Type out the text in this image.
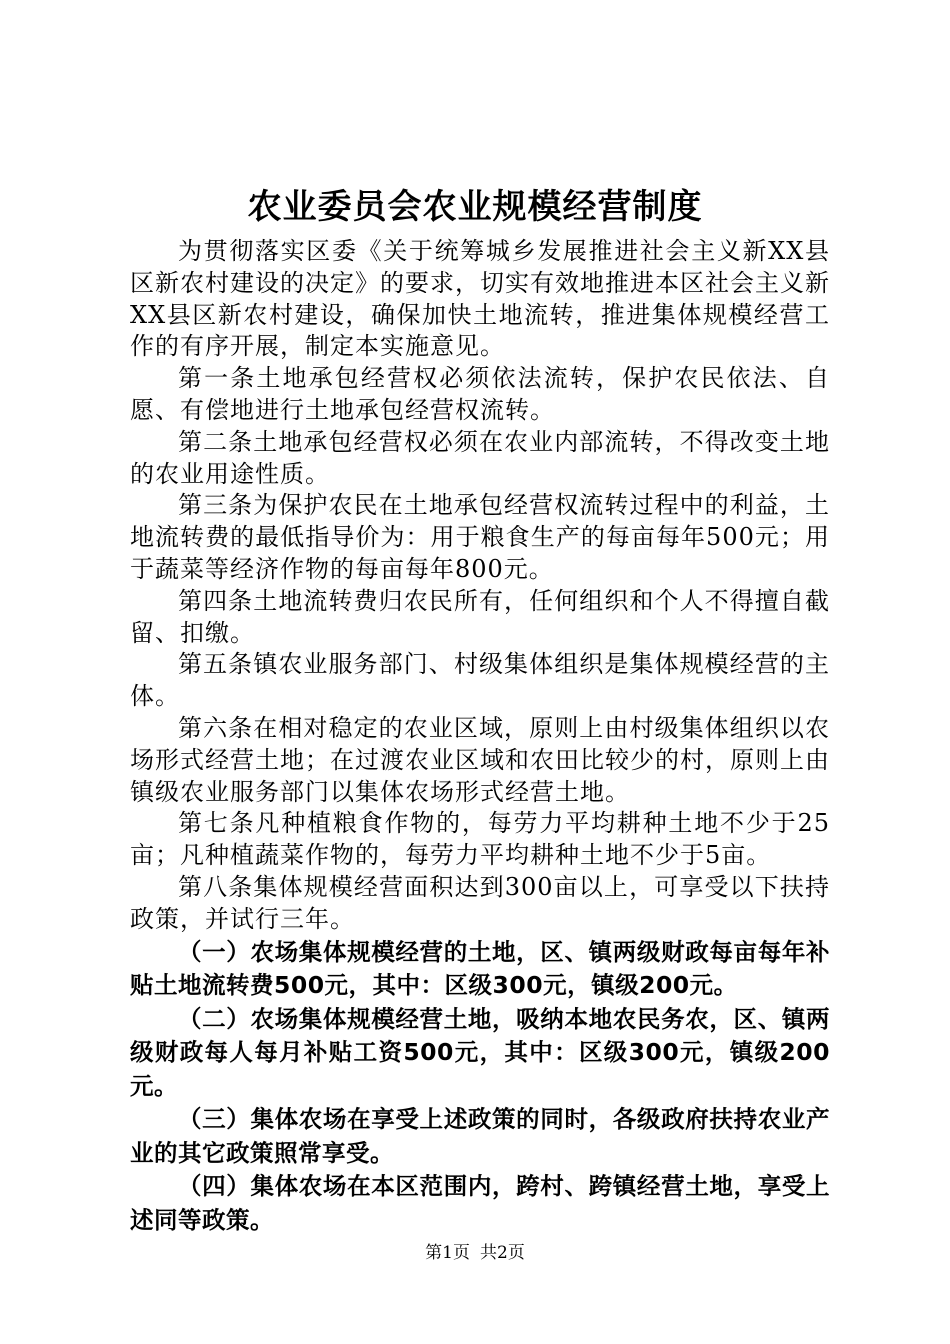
农业委员会农业规模经营制度

为贯彻落实区委《关于统筹城乡发展推进社会主义新XX县区新农村建设的决定》的要求，切实有效地推进本区社会主义新XX县区新农村建设，确保加快土地流转，推进集体规模经营工作的有序开展，制定本实施意见。

第一条土地承包经营权必须依法流转，保护农民依法、自愿、有偿地进行土地承包经营权流转。

第二条土地承包经营权必须在农业内部流转，不得改变土地的农业用途性质。

第三条为保护农民在土地承包经营权流转过程中的利益，土地流转费的最低指导价为：用于粮食生产的每亩每年500元；用于蔬菜等经济作物的每亩每年800元。

第四条土地流转费归农民所有，任何组织和个人不得擅自截留、扣缴。

第五条镇农业服务部门、村级集体组织是集体规模经营的主体。

第六条在相对稳定的农业区域，原则上由村级集体组织以农场形式经营土地；在过渡农业区域和农田比较少的村，原则上由镇级农业服务部门以集体农场形式经营土地。

第七条凡种植粮食作物的，每劳力平均耕种土地不少于25亩；凡种植蔬菜作物的，每劳力平均耕种土地不少于5亩。

第八条集体规模经营面积达到300亩以上，可享受以下扶持政策，并试行三年。

（一）农场集体规模经营的土地，区、镇两级财政每亩每年补贴土地流转费500元，其中：区级300元，镇级200元。

（二）农场集体规模经营土地，吸纳本地农民务农，区、镇两级财政每人每月补贴工资500元，其中：区级300元，镇级200元。

（三）集体农场在享受上述政策的同时，各级政府扶持农业产业的其它政策照常享受。

（四）集体农场在本区范围内，跨村、跨镇经营土地，享受上述同等政策。

第1页 共2页
